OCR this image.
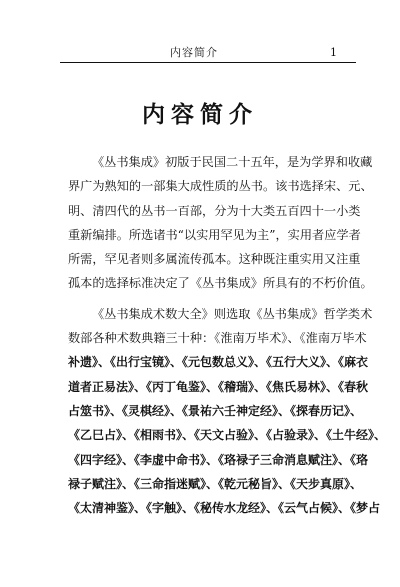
内容简介	1
内容简介
《丛书集成》初版于民国二十五年，是为学界和收藏
界广为熟知的一部集大成性质的丛书。该书选择宋、元、
明、清四代的丛书一百部，分为十大类五百四十一小类
重新编排。所选诸书“以实用罕见为主”，实用者应学者
所需，罕见者则多属流传孤本。这种既注重实用又注重
孤本的选择标准决定了《丛书集成》所具有的不朽价值。
《丛书集成术数大全》则选取《丛书集成》哲学类术
数部各种术数典籍三十种：《淮南万毕术》、《淮南万毕术
补遗》、《出行宝镜》、《元包数总义》、《五行大义》、《麻衣
道者正易法》、《丙丁龟鉴》、《稽瑞》、《焦氏易林》、《春秋
占筮书》、《灵棋经》、《景祐六壬神定经》、《探春历记》、
《乙巳占》、《相雨书》、《天文占验》、《占验录》、《土牛经》、
《四字经》、《李虚中命书》、《珞禄子三命消息赋注》、《珞
禄子赋注》、《三命指迷赋》、《乾元秘旨》、《天步真原》、
《太清神鉴》、《字触》、《秘传水龙经》、《云气占候》、《梦占
